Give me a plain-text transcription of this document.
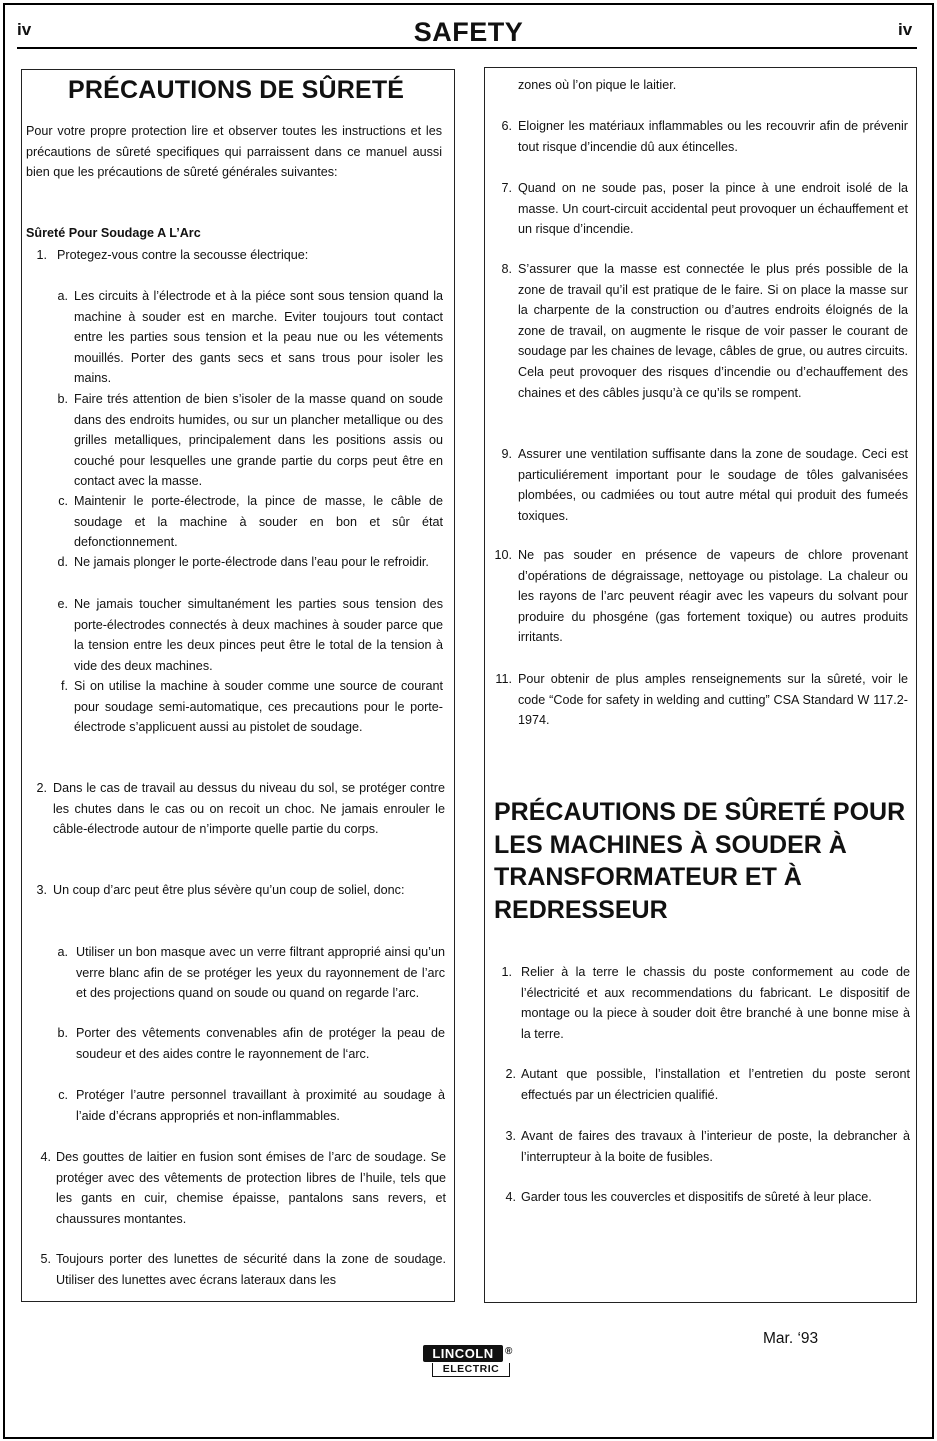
iv	SAFETY	iv
PRÉCAUTIONS DE SÛRETÉ
Pour votre propre protection lire et observer toutes les instructions et les précautions de sûreté specifiques qui parraissent dans ce manuel aussi bien que les précautions de sûreté générales suivantes:
Sûreté Pour Soudage A L’Arc
1. Protegez-vous contre la secousse électrique:
a. Les circuits à l’électrode et à la piéce sont sous tension quand la machine à souder est en marche. Eviter toujours tout contact entre les parties sous tension et la peau nue ou les vétements mouillés. Porter des gants secs et sans trous pour isoler les mains.
b. Faire trés attention de bien s’isoler de la masse quand on soude dans des endroits humides, ou sur un plancher metallique ou des grilles metalliques, principalement dans les positions assis ou couché pour lesquelles une grande partie du corps peut être en contact avec la masse.
c. Maintenir le porte-électrode, la pince de masse, le câble de soudage et la machine à souder en bon et sûr état defonctionnement.
d. Ne jamais plonger le porte-électrode dans l’eau pour le refroidir.
e. Ne jamais toucher simultanément les parties sous tension des porte-électrodes connectés à deux machines à souder parce que la tension entre les deux pinces peut être le total de la tension à vide des deux machines.
f. Si on utilise la machine à souder comme une source de courant pour soudage semi-automatique, ces precautions pour le porte-électrode s’applicuent aussi au pistolet de soudage.
2. Dans le cas de travail au dessus du niveau du sol, se protéger contre les chutes dans le cas ou on recoit un choc. Ne jamais enrouler le câble-électrode autour de n’importe quelle partie du corps.
3. Un coup d’arc peut être plus sévère qu’un coup de soliel, donc:
a. Utiliser un bon masque avec un verre filtrant approprié ainsi qu’un verre blanc afin de se protéger les yeux du rayonnement de l’arc et des projections quand on soude ou quand on regarde l’arc.
b. Porter des vêtements convenables afin de protéger la peau de soudeur et des aides contre le rayonnement de l‘arc.
c. Protéger l’autre personnel travaillant à proximité au soudage à l’aide d’écrans appropriés et non-inflammables.
4. Des gouttes de laitier en fusion sont émises de l’arc de soudage. Se protéger avec des vêtements de protection libres de l’huile, tels que les gants en cuir, chemise épaisse, pantalons sans revers, et chaussures montantes.
5. Toujours porter des lunettes de sécurité dans la zone de soudage. Utiliser des lunettes avec écrans lateraux dans les
zones où l’on pique le laitier.
6. Eloigner les matériaux inflammables ou les recouvrir afin de prévenir tout risque d’incendie dû aux étincelles.
7. Quand on ne soude pas, poser la pince à une endroit isolé de la masse. Un court-circuit accidental peut provoquer un échauffement et un risque d’incendie.
8. S’assurer que la masse est connectée le plus prés possible de la zone de travail qu’il est pratique de le faire. Si on place la masse sur la charpente de la construction ou d’autres endroits éloignés de la zone de travail, on augmente le risque de voir passer le courant de soudage par les chaines de levage, câbles de grue, ou autres circuits. Cela peut provoquer des risques d’incendie ou d’echauffement des chaines et des câbles jusqu’à ce qu’ils se rompent.
9. Assurer une ventilation suffisante dans la zone de soudage. Ceci est particuliérement important pour le soudage de tôles galvanisées plombées, ou cadmiées ou tout autre métal qui produit des fumeés toxiques.
10. Ne pas souder en présence de vapeurs de chlore provenant d’opérations de dégraissage, nettoyage ou pistolage. La chaleur ou les rayons de l’arc peuvent réagir avec les vapeurs du solvant pour produire du phosgéne (gas fortement toxique) ou autres produits irritants.
11. Pour obtenir de plus amples renseignements sur la sûreté, voir le code “Code for safety in welding and cutting” CSA Standard W 117.2-1974.
PRÉCAUTIONS DE SÛRETÉ POUR LES MACHINES À SOUDER À TRANSFORMATEUR ET À REDRESSEUR
1. Relier à la terre le chassis du poste conformement au code de l’électricité et aux recommendations du fabricant. Le dispositif de montage ou la piece à souder doit être branché à une bonne mise à la terre.
2. Autant que possible, l’installation et l’entretien du poste seront effectués par un électricien qualifié.
3. Avant de faires des travaux à l’interieur de poste, la debrancher à l’interrupteur à la boite de fusibles.
4. Garder tous les couvercles et dispositifs de sûreté à leur place.
Mar. ‘93
LINCOLN	®
ELECTRIC
